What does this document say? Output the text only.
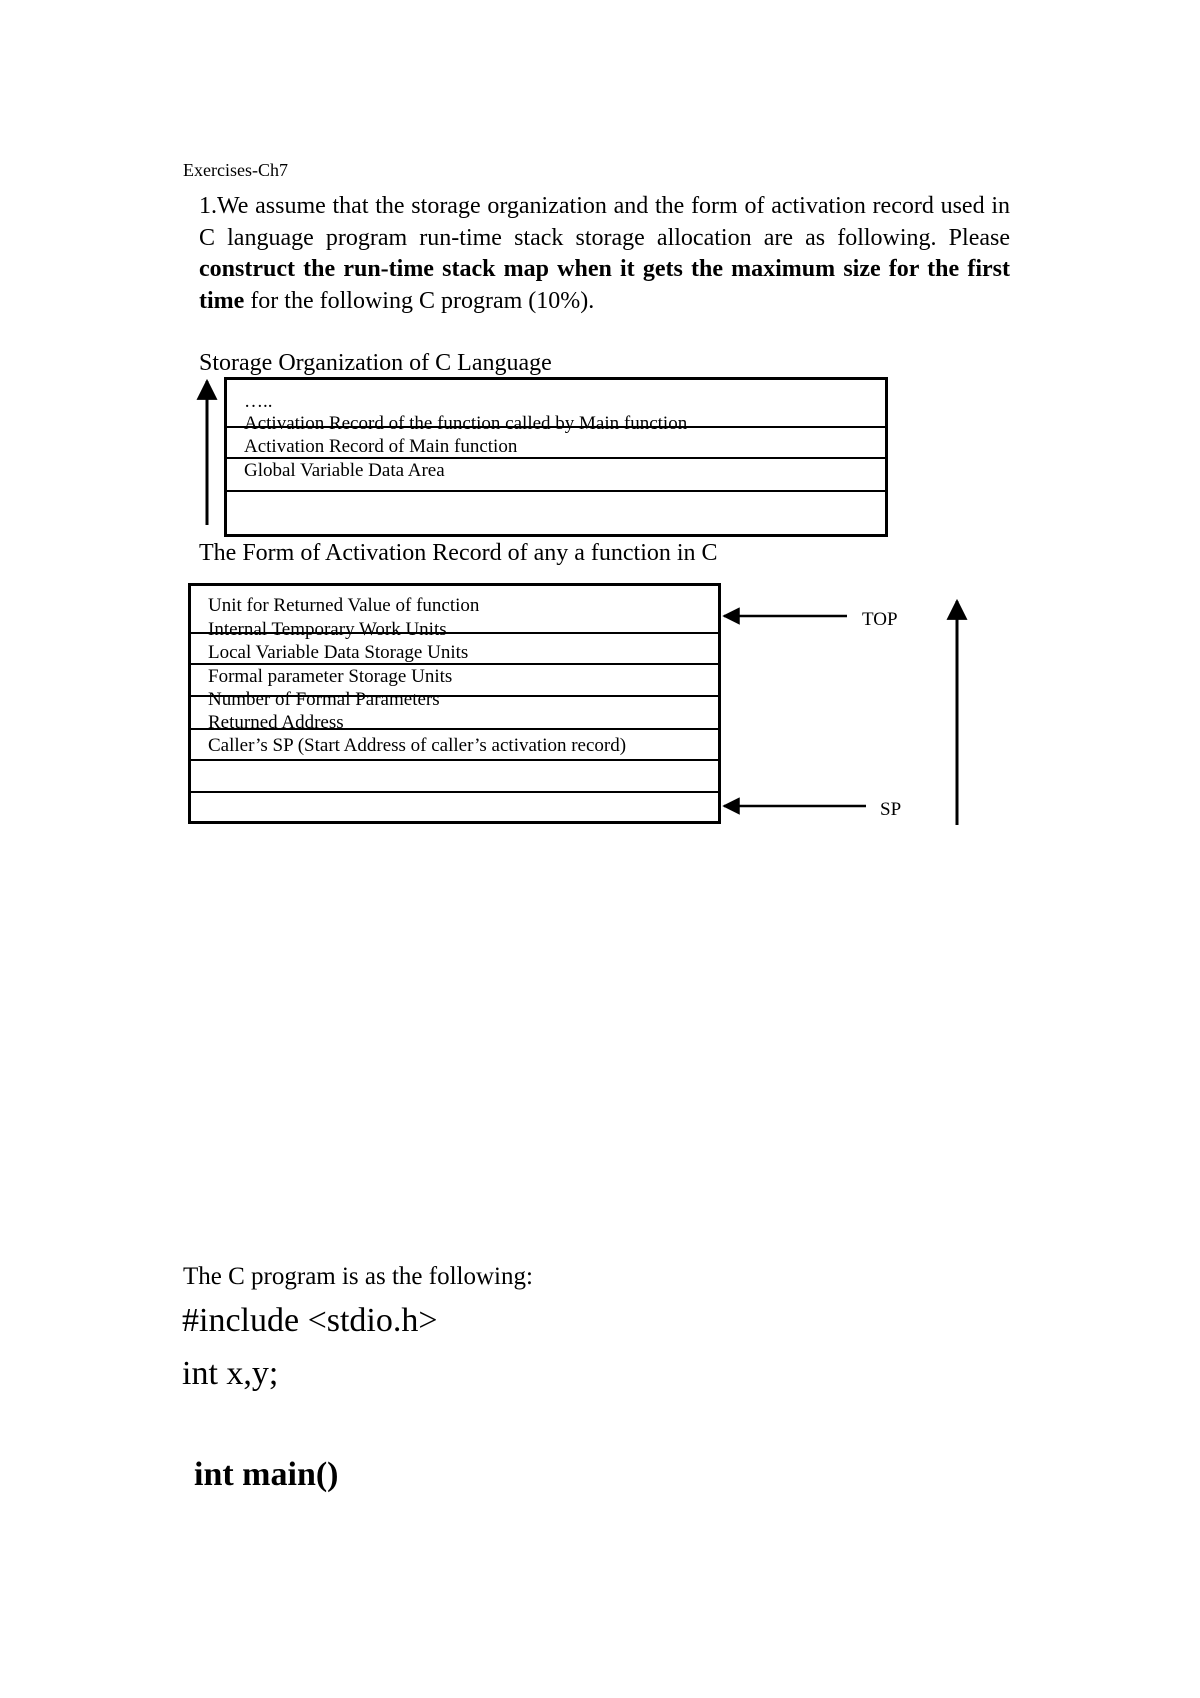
Exercises-Ch7
1.We assume that the storage organization and the form of activation record used in C language program run-time stack storage allocation are as following. Please construct the run-time stack map when it gets the maximum size for the first time for the following C program (10%).
Storage Organization of C Language
…..
Activation Record of the function called by Main function
Activation Record of Main function
Global Variable Data Area
The Form of Activation Record of any a function in C
Unit for Returned Value of function
Internal Temporary Work Units
Local Variable Data Storage Units
Formal parameter Storage Units
Number of Formal Parameters
Returned Address
Caller’s SP (Start Address of caller’s activation record)
TOP
SP
The C program is as the following:
#include <stdio.h>
int x,y;
int main()
